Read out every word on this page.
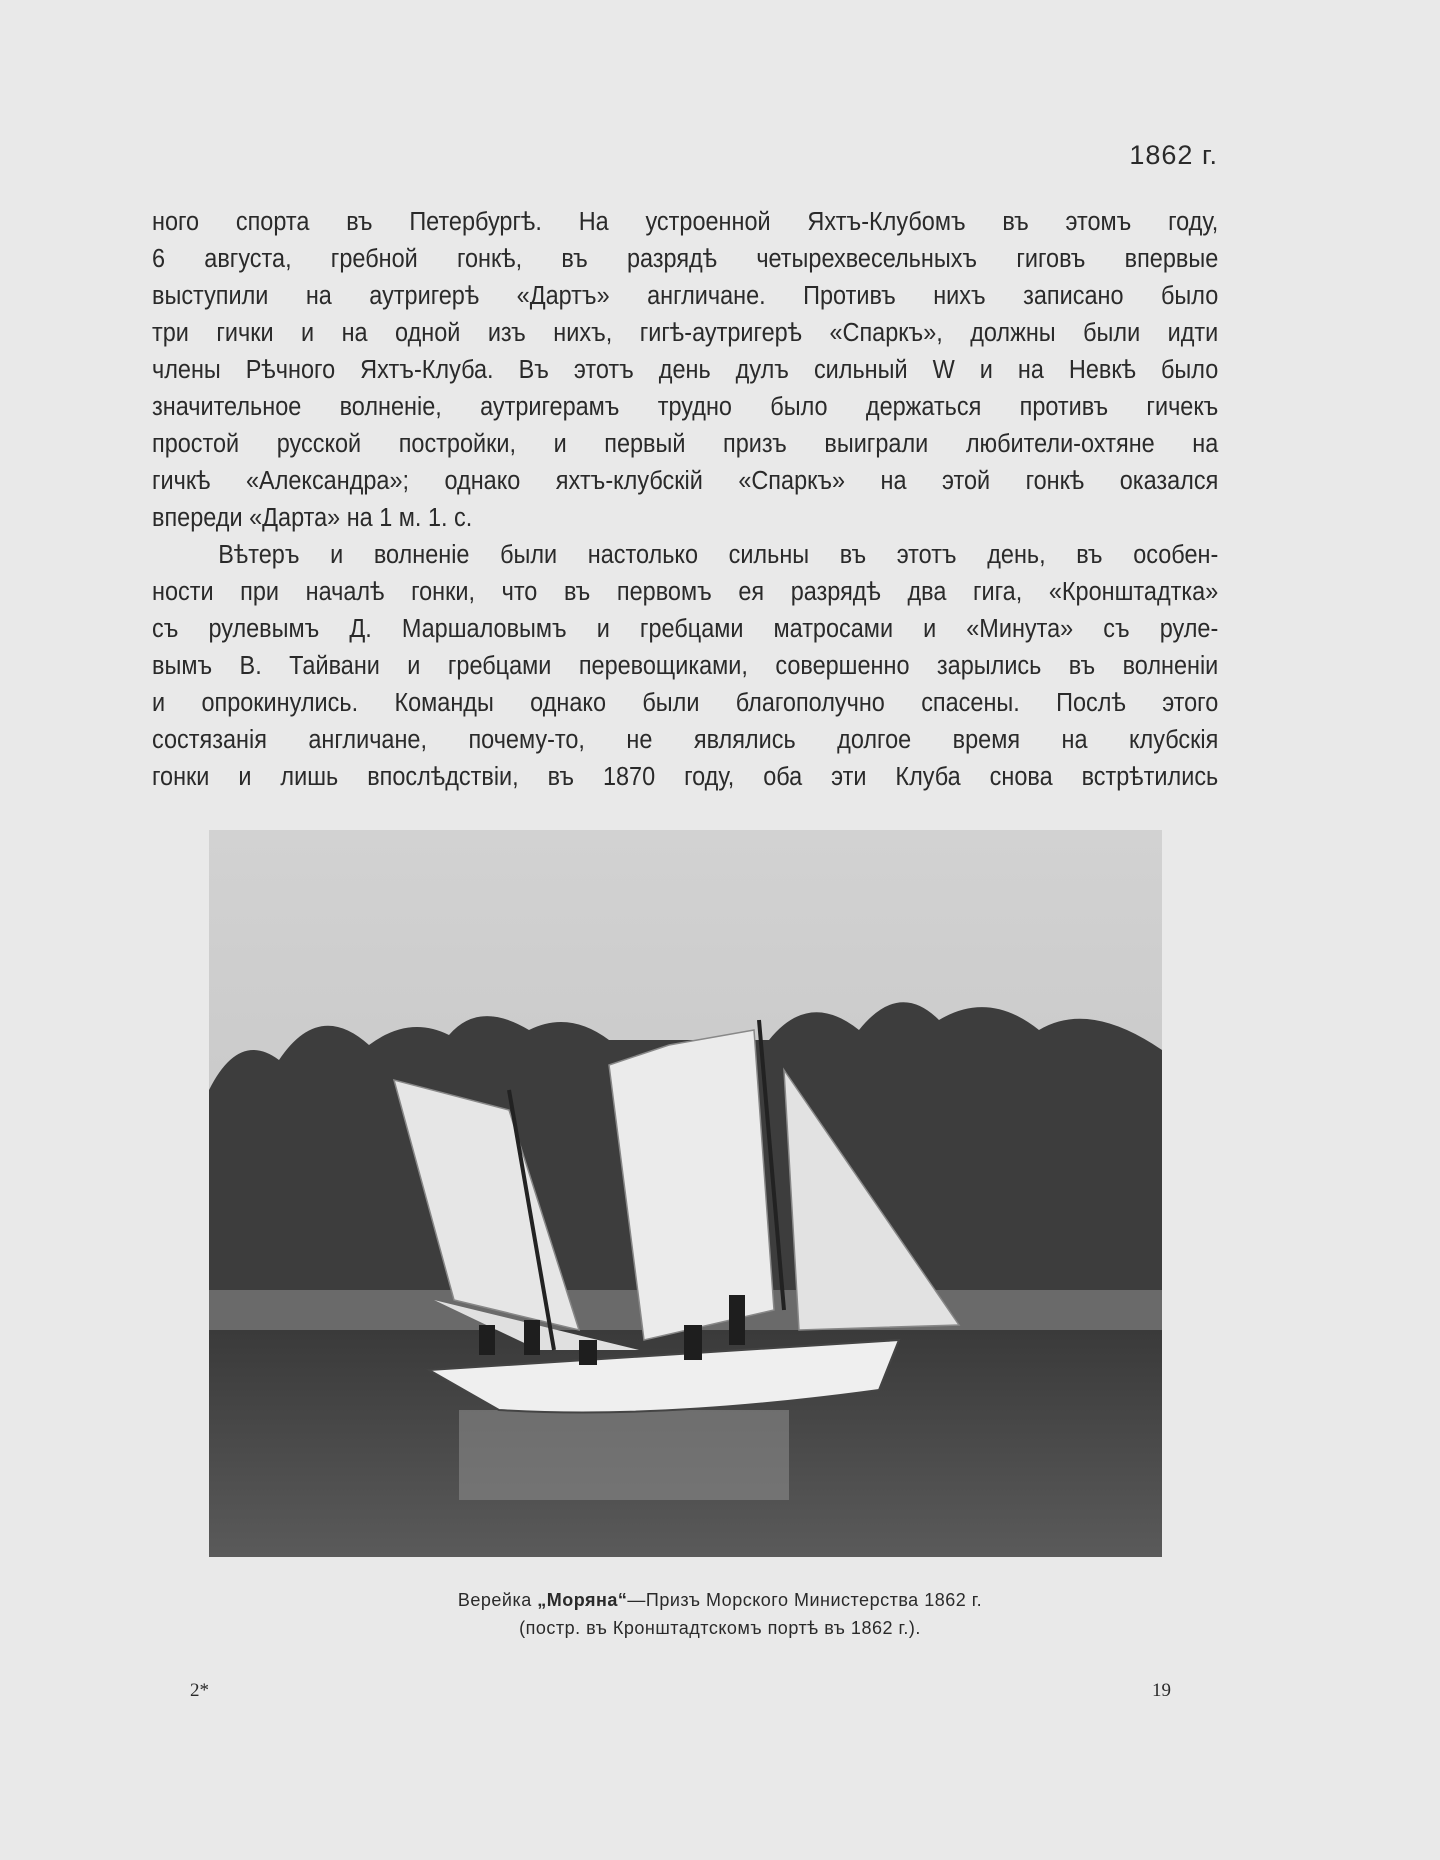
1862 г.
ного спорта въ Петербургѣ. На устроенной Яхтъ-Клубомъ въ этомъ году,
6 августа, гребной гонкѣ, въ разрядѣ четырехвесельныхъ гиговъ впервые
выступили на аутригерѣ «Дартъ» англичане. Противъ нихъ записано было
три гички и на одной изъ нихъ, гигѣ-аутригерѣ «Спаркъ», должны были идти
члены Рѣчного Яхтъ-Клуба. Въ этотъ день дулъ сильный W и на Невкѣ было
значительное волненіе, аутригерамъ трудно было держаться противъ гичекъ
простой русской постройки, и первый призъ выиграли любители-охтяне на
гичкѣ «Александра»; однако яхтъ-клубскій «Спаркъ» на этой гонкѣ оказался
впереди «Дарта» на 1 м. 1. с.
Вѣтеръ и волненіе были настолько сильны въ этотъ день, въ особен-
ности при началѣ гонки, что въ первомъ ея разрядѣ два гига, «Кронштадтка»
съ рулевымъ Д. Маршаловымъ и гребцами матросами и «Минута» съ руле-
вымъ В. Тайвани и гребцами перевощиками, совершенно зарылись въ волненіи
и опрокинулись. Команды однако были благополучно спасены. Послѣ этого
состязанія англичане, почему-то, не являлись долгое время на клубскія
гонки и лишь впослѣдствіи, въ 1870 году, оба эти Клуба снова встрѣтились
Верейка „Моряна“—Призъ Морского Министерства 1862 г.
(постр. въ Кронштадтскомъ портѣ въ 1862 г.).
2*	19
